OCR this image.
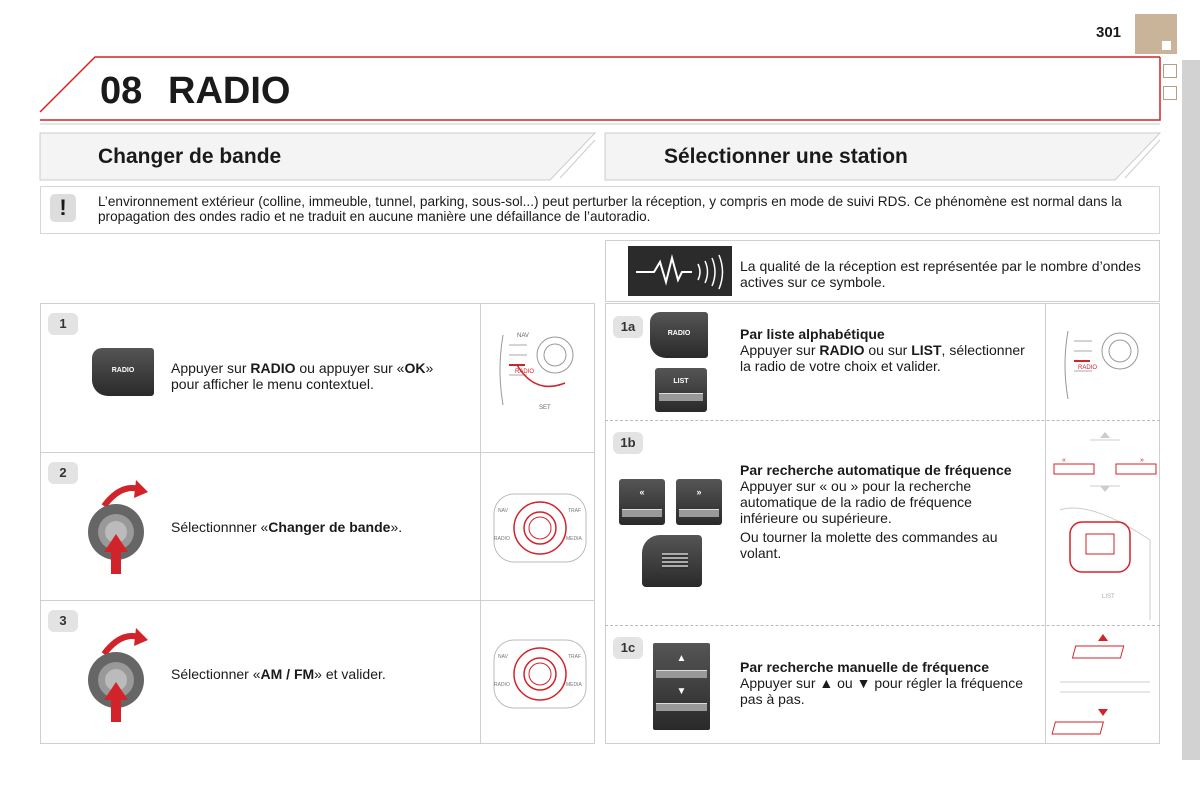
301
08 RADIO
Changer de bande	Sélectionner une station
!	L’environnement extérieur (colline, immeuble, tunnel, parking, sous-sol...) peut perturber la réception, y compris en mode de suivi RDS. Ce phénomène est normal dans la propagation des ondes radio et ne traduit en aucune manière une défaillance de l’autoradio.
1
RADIO	Appuyer sur RADIO ou appuyer sur «OK» pour afficher le menu contextuel.
NAV
RADIO
SET
2
Sélectionnner «Changer de bande».
NAV	TRAF
RADIO	MEDIA
3
Sélectionner «AM / FM» et valider.
NAV	TRAF
RADIO	MEDIA
La qualité de la réception est représentée par le nombre d’ondes actives sur ce symbole.
1a	RADIO
LIST
Par liste alphabétique
Appuyer sur RADIO ou sur LIST, sélectionner la radio de votre choix et valider.	RADIO
1b
«	»
Par recherche automatique de fréquence
Appuyer sur « ou » pour la recherche automatique de la radio de fréquence inférieure ou supérieure.
Ou tourner la molette des commandes au volant.
«	»
LIST
1c
▲
▼
Par recherche manuelle de fréquence
Appuyer sur ▲ ou ▼ pour régler la fréquence pas à pas.
